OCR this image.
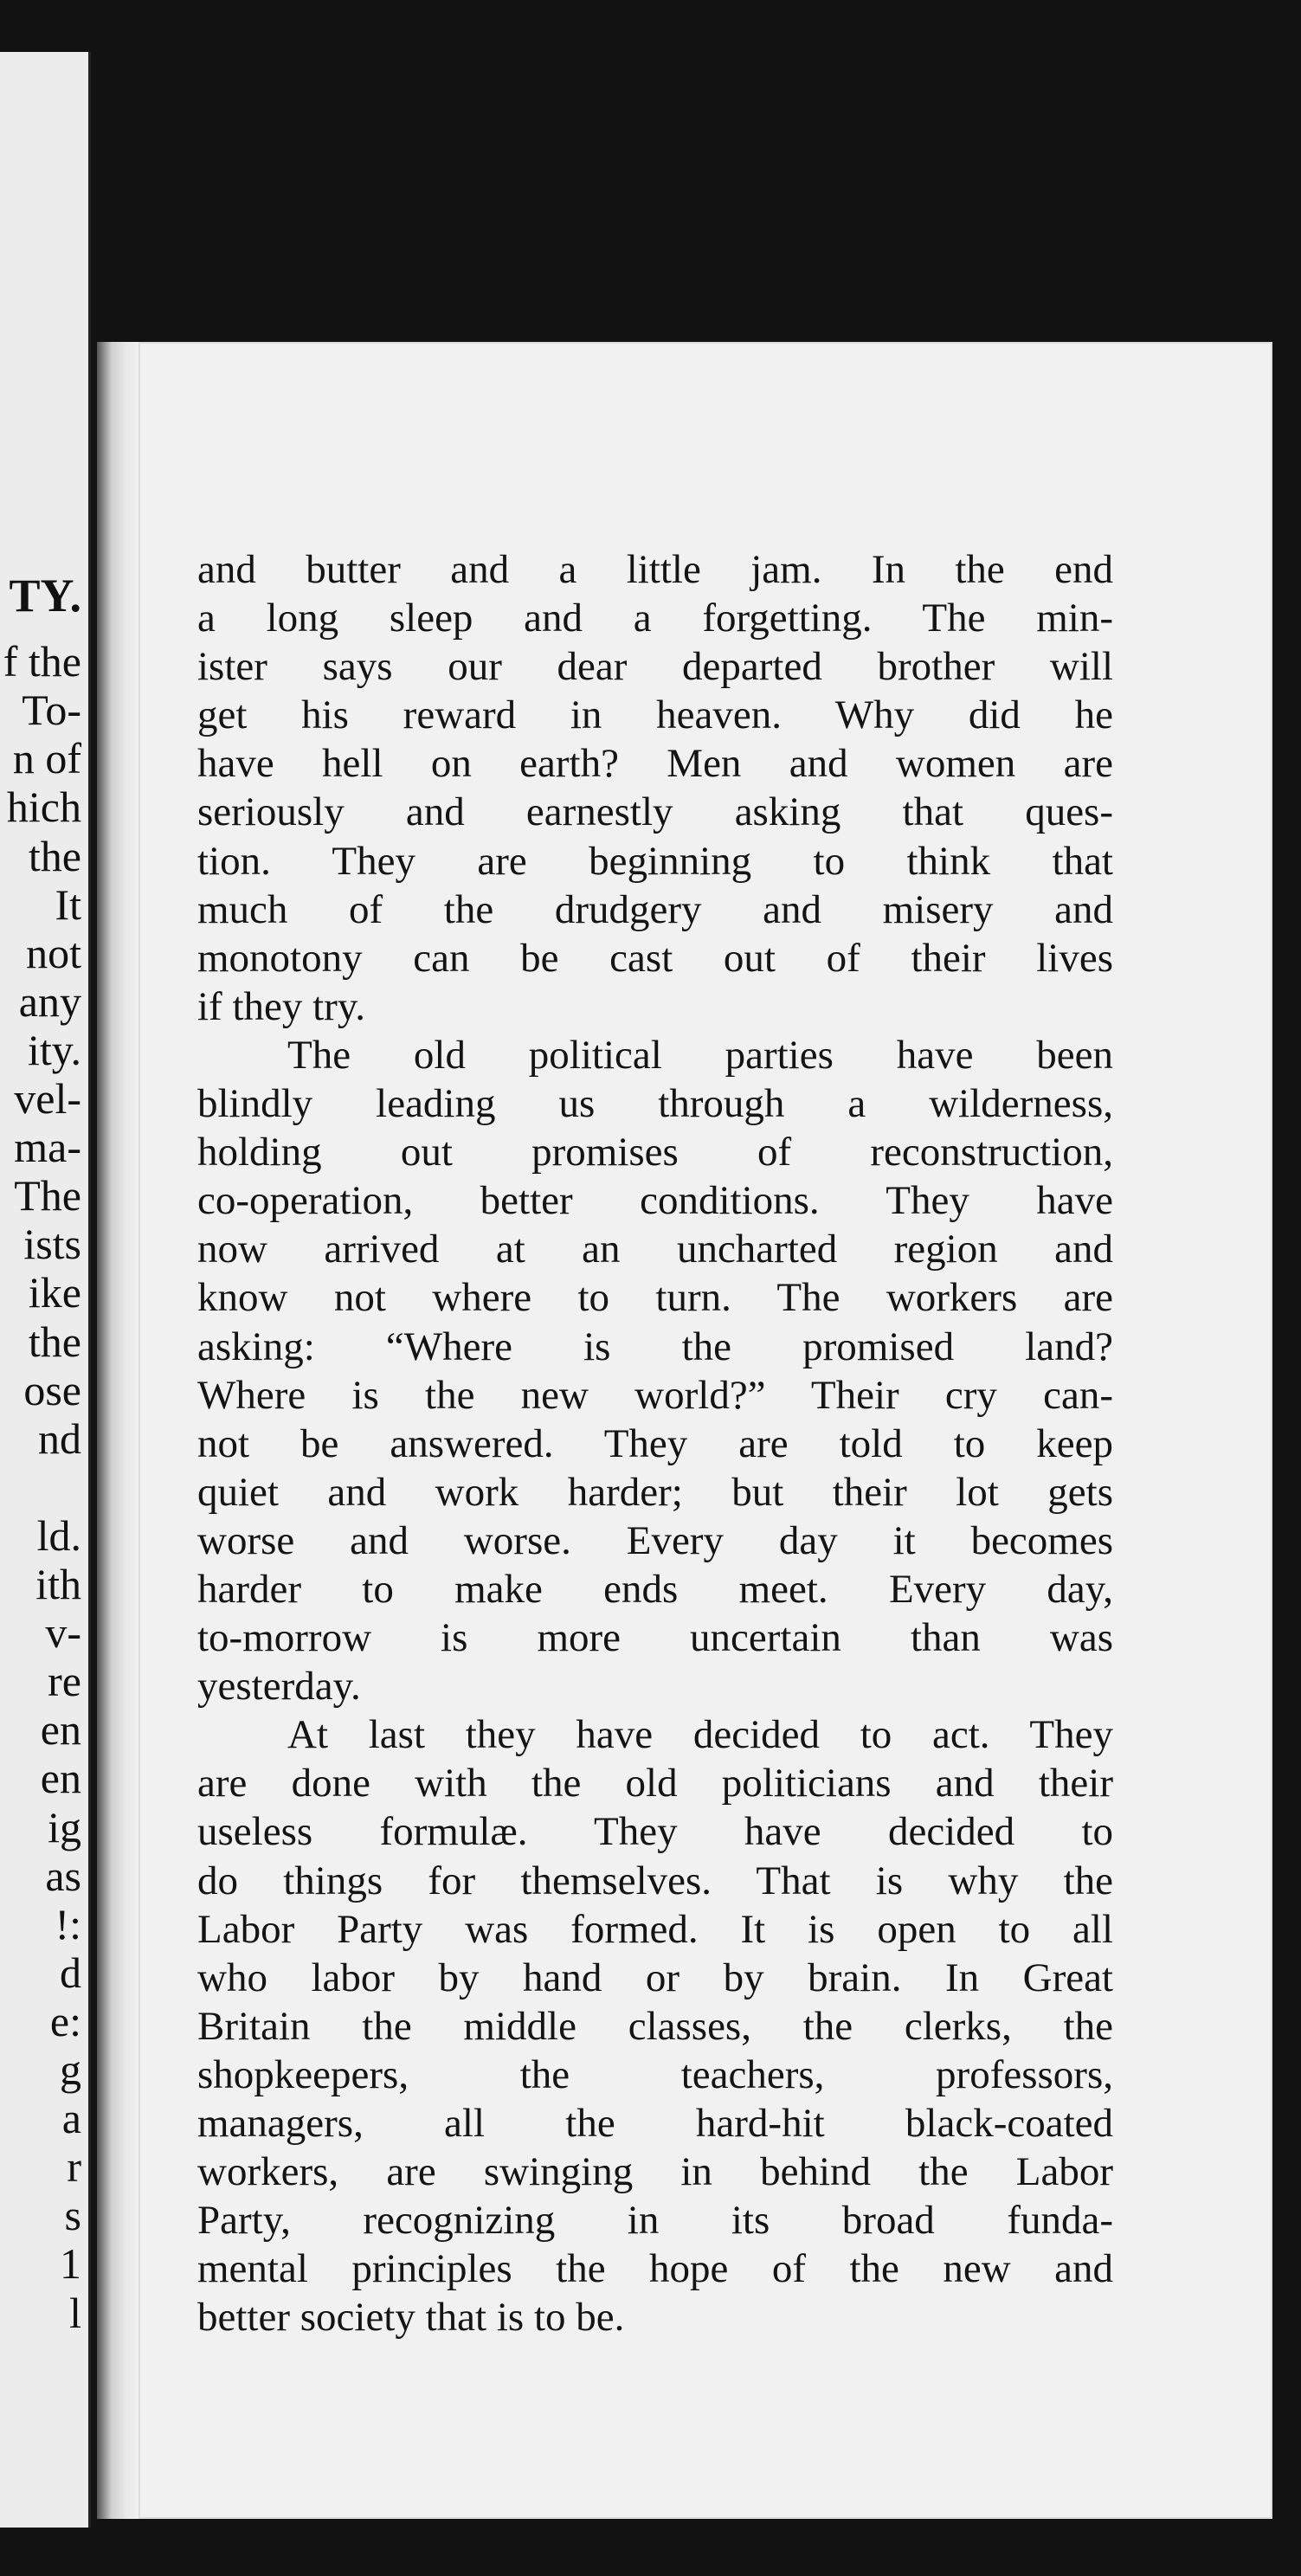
TY.
f the
To-
n of
hich
the
It
not
any
ity.
vel-
ma-
The
ists
ike
the
ose
nd
ld.
ith
v-
re
en
en
ig
as
!:
d
e:
g
a
r
s
1
l

and butter and a little jam. In the end
a long sleep and a forgetting. The min-
ister says our dear departed brother will
get his reward in heaven. Why did he
have hell on earth? Men and women are
seriously and earnestly asking that ques-
tion. They are beginning to think that
much of the drudgery and misery and
monotony can be cast out of their lives
if they try.

The old political parties have been
blindly leading us through a wilderness,
holding out promises of reconstruction,
co-operation, better conditions. They have
now arrived at an uncharted region and
know not where to turn. The workers are
asking: “Where is the promised land?
Where is the new world?” Their cry can-
not be answered. They are told to keep
quiet and work harder; but their lot gets
worse and worse. Every day it becomes
harder to make ends meet. Every day,
to-morrow is more uncertain than was
yesterday.

At last they have decided to act. They
are done with the old politicians and their
useless formulæ. They have decided to
do things for themselves. That is why the
Labor Party was formed. It is open to all
who labor by hand or by brain. In Great
Britain the middle classes, the clerks, the
shopkeepers, the teachers, professors,
managers, all the hard-hit black-coated
workers, are swinging in behind the Labor
Party, recognizing in its broad funda-
mental principles the hope of the new and
better society that is to be.
